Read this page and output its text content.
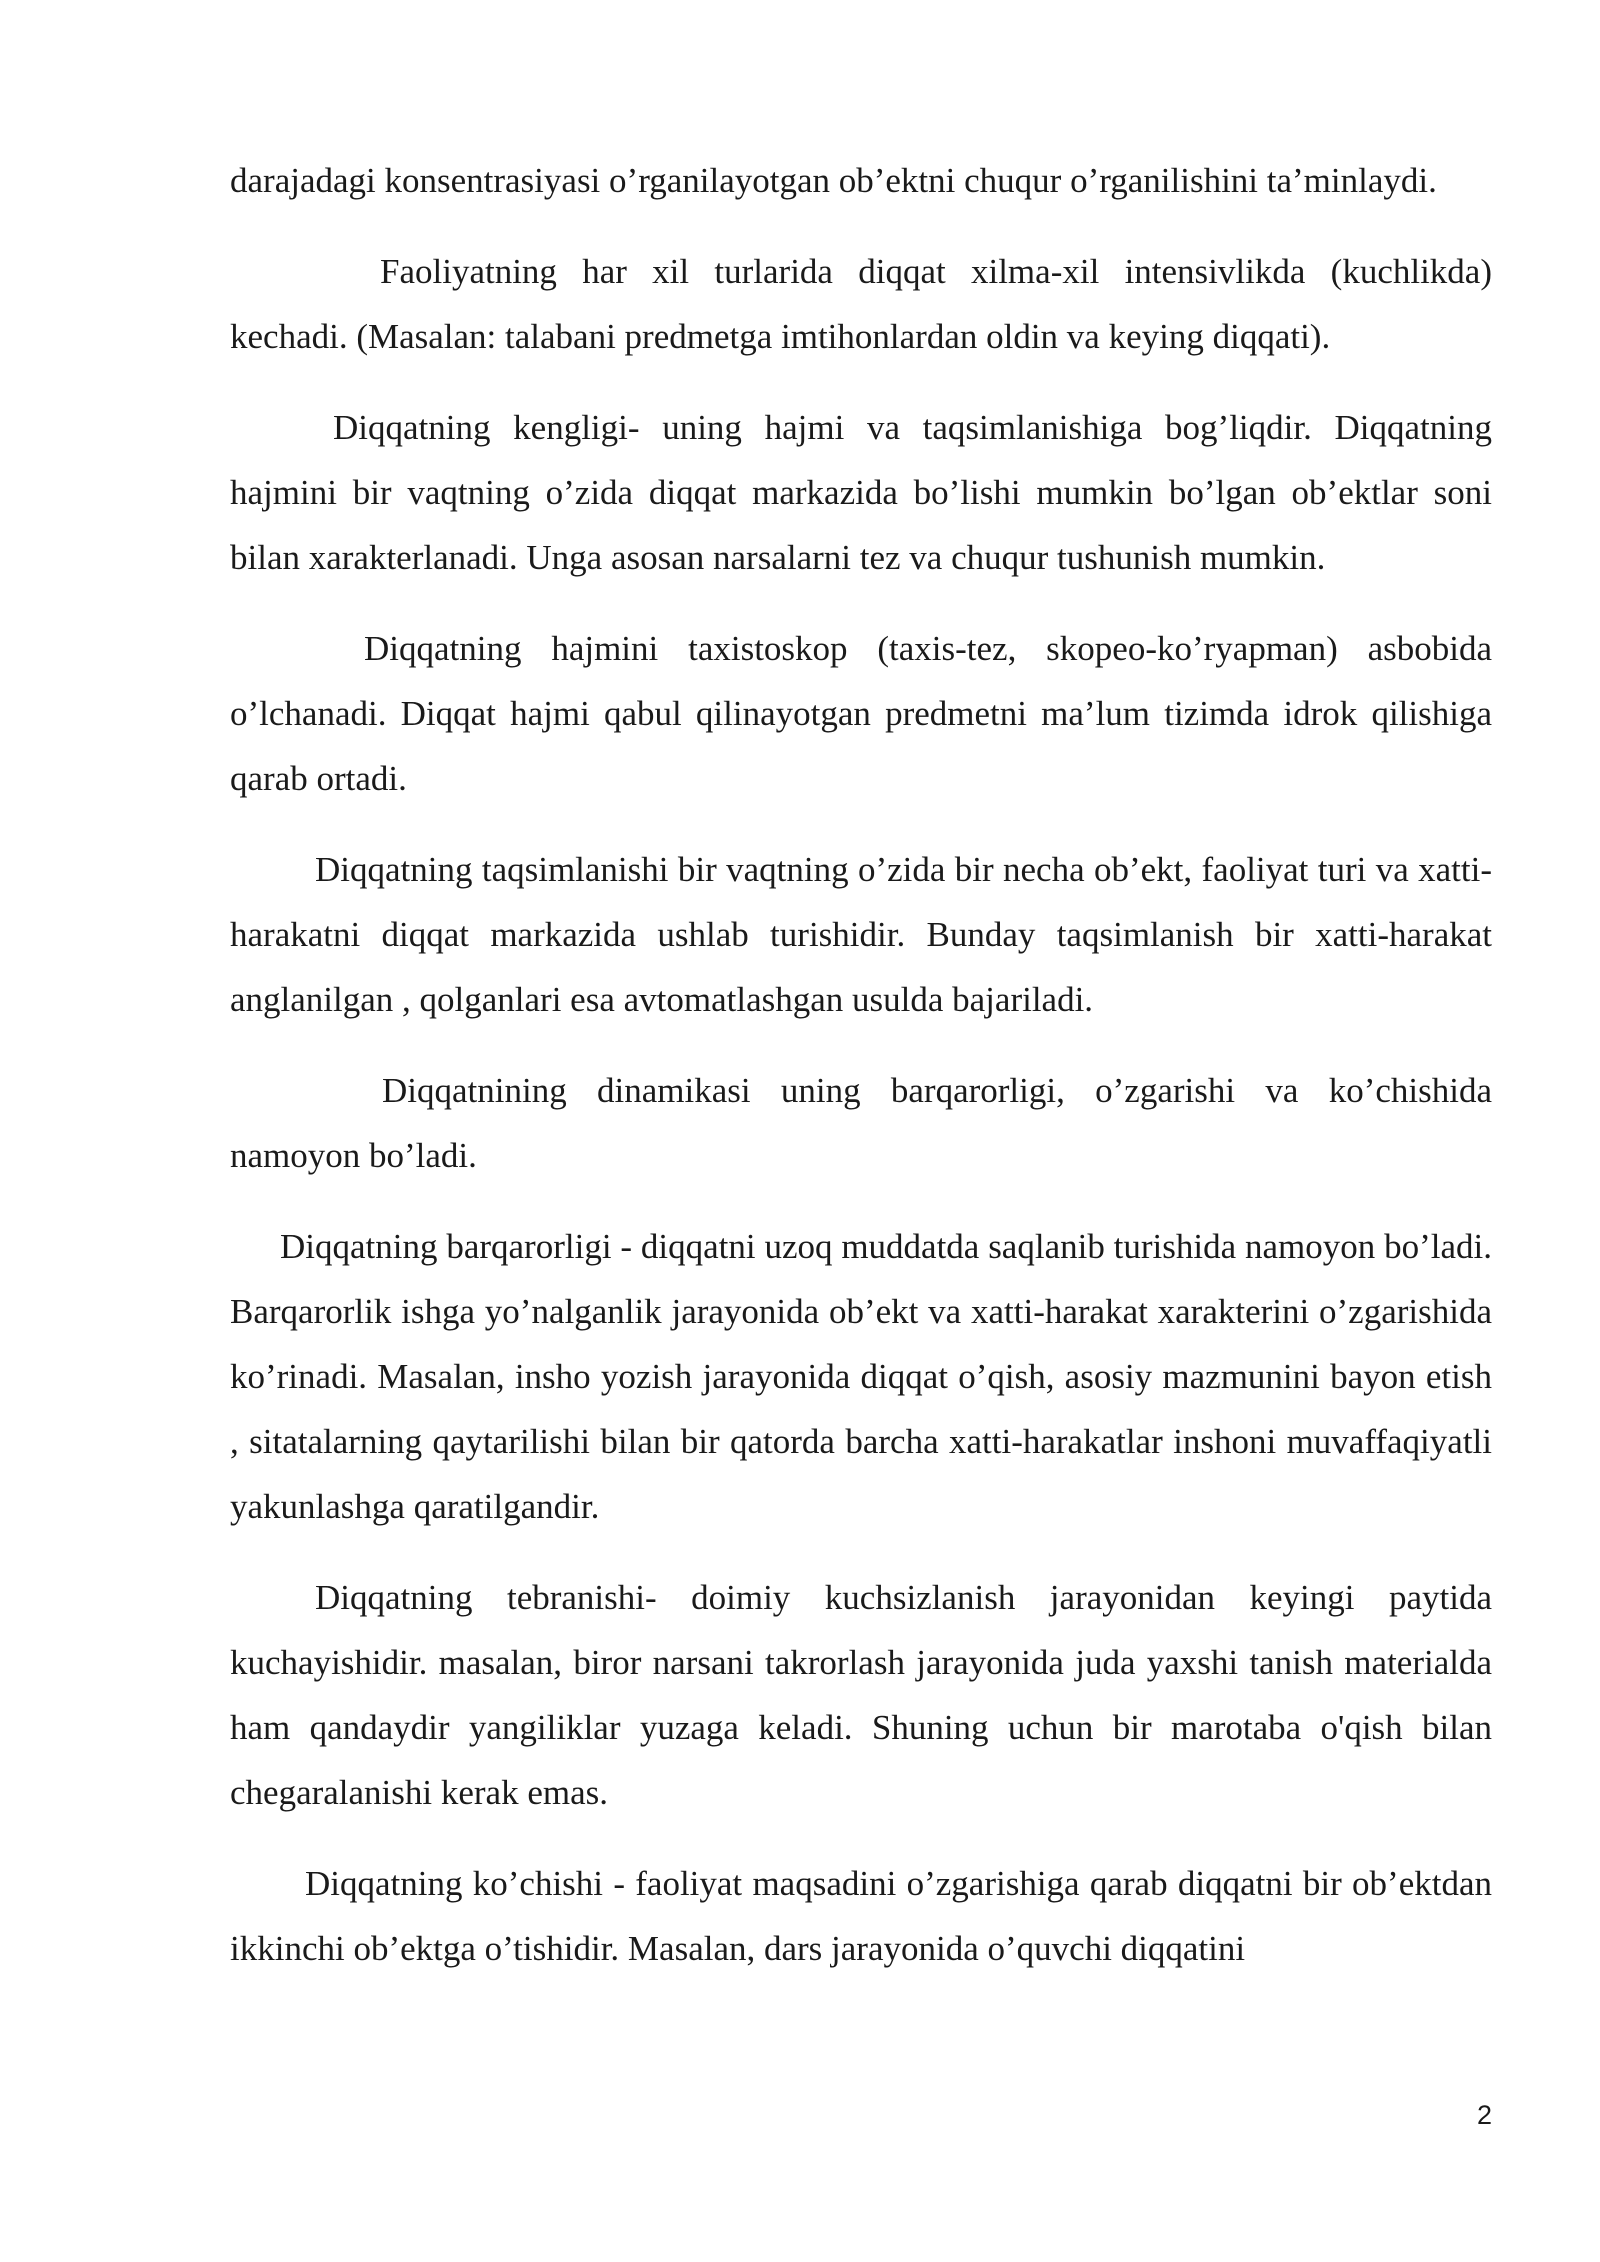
darajadagi konsentrasiyasi o’rganilayotgan ob’ektni chuqur o’rganilishini ta’minlaydi.

Faoliyatning har xil turlarida diqqat xilma-xil intensivlikda (kuchlikda) kechadi. (Masalan: talabani predmetga imtihonlardan oldin va keying diqqati).

Diqqatning kengligi- uning hajmi va taqsimlanishiga bog’liqdir. Diqqatning hajmini bir vaqtning o’zida diqqat markazida bo’lishi mumkin bo’lgan ob’ektlar soni bilan xarakterlanadi. Unga asosan narsalarni tez va chuqur tushunish mumkin.

Diqqatning hajmini taxistoskop (taxis-tez, skopeo-ko’ryapman) asbobida o’lchanadi. Diqqat hajmi qabul qilinayotgan predmetni ma’lum tizimda idrok qilishiga qarab ortadi.

Diqqatning taqsimlanishi bir vaqtning o’zida bir necha ob’ekt, faoliyat turi va xatti- harakatni diqqat markazida ushlab turishidir. Bunday taqsimlanish bir xatti-harakat anglanilgan , qolganlari esa avtomatlashgan usulda bajariladi.

Diqqatnining dinamikasi uning barqarorligi, o’zgarishi va ko’chishida namoyon bo’ladi.

Diqqatning barqarorligi - diqqatni uzoq muddatda saqlanib turishida namoyon bo’ladi. Barqarorlik ishga yo’nalganlik jarayonida ob’ekt va xatti-harakat xarakterini o’zgarishida ko’rinadi. Masalan, insho yozish jarayonida diqqat o’qish, asosiy mazmunini bayon etish , sitatalarning qaytarilishi bilan bir qatorda barcha xatti-harakatlar inshoni muvaffaqiyatli yakunlashga qaratilgandir.

Diqqatning tebranishi- doimiy kuchsizlanish jarayonidan keyingi paytida kuchayishidir. masalan, biror narsani takrorlash jarayonida juda yaxshi tanish materialda ham qandaydir yangiliklar yuzaga keladi. Shuning uchun bir marotaba o'qish bilan chegaralanishi kerak emas.

Diqqatning ko’chishi - faoliyat maqsadini o’zgarishiga qarab diqqatni bir ob’ektdan ikkinchi ob’ektga o’tishidir. Masalan, dars jarayonida o’quvchi diqqatini

2
